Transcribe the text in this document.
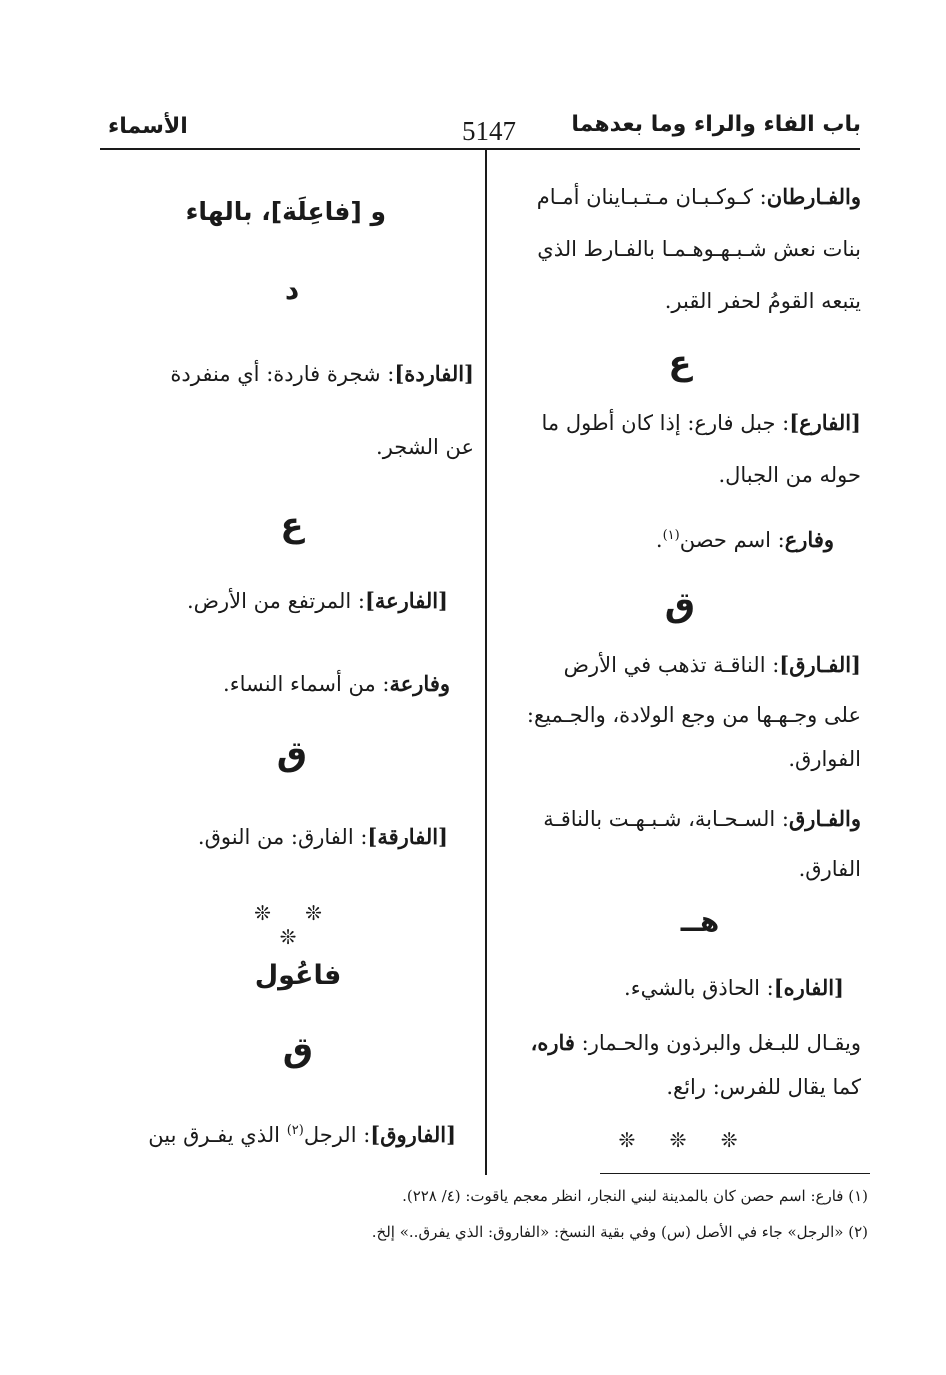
باب الفاء والراء وما بعدهما
5147
الأسماء
والفـارطان: كـوكـبـان مـتـبـاينان أمـام
بنات نعش شـبـهـوهـمـا بالفـارط الذي
يتبعه القومُ لحفر القبر.
ع
[الفارع]: جبل فارع: إذا كان أطول ما
حوله من الجبال.
وفارع: اسم حصن$^{(١)}$.
ق
[الفـارق]: الناقـة تذهب في الأرض
على وجـهـها من وجع الولادة، والجـميع:
الفوارق.
والفـارق: السـحـابة، شـبـهـت بالناقـة
الفارق.
هــ
[الفاره]: الحاذق بالشيء.
ويقـال للبـغل والبرذون والحـمار: فاره،
كما يقال للفرس: رائع.
❊ ❊ ❊
و [فاعِلَة]، بالهاء
د
[الفاردة]: شجرة فاردة: أي منفردة
عن الشجر.
ع
[الفارعة]: المرتفع من الأرض.
وفارعة: من أسماء النساء.
ق
[الفارقة]: الفارق: من النوق.
❊ ❊ ❊
فاعُول
ق
[الفاروق]: الرجل$^{(٢)}$ الذي يفـرق بين
(١) فارع: اسم حصن كان بالمدينة لبني النجار، انظر معجم ياقوت: (٤/ ٢٢٨).
(٢) «الرجل» جاء في الأصل (س) وفي بقية النسخ: «الفاروق: الذي يفرق..» إلخ.
